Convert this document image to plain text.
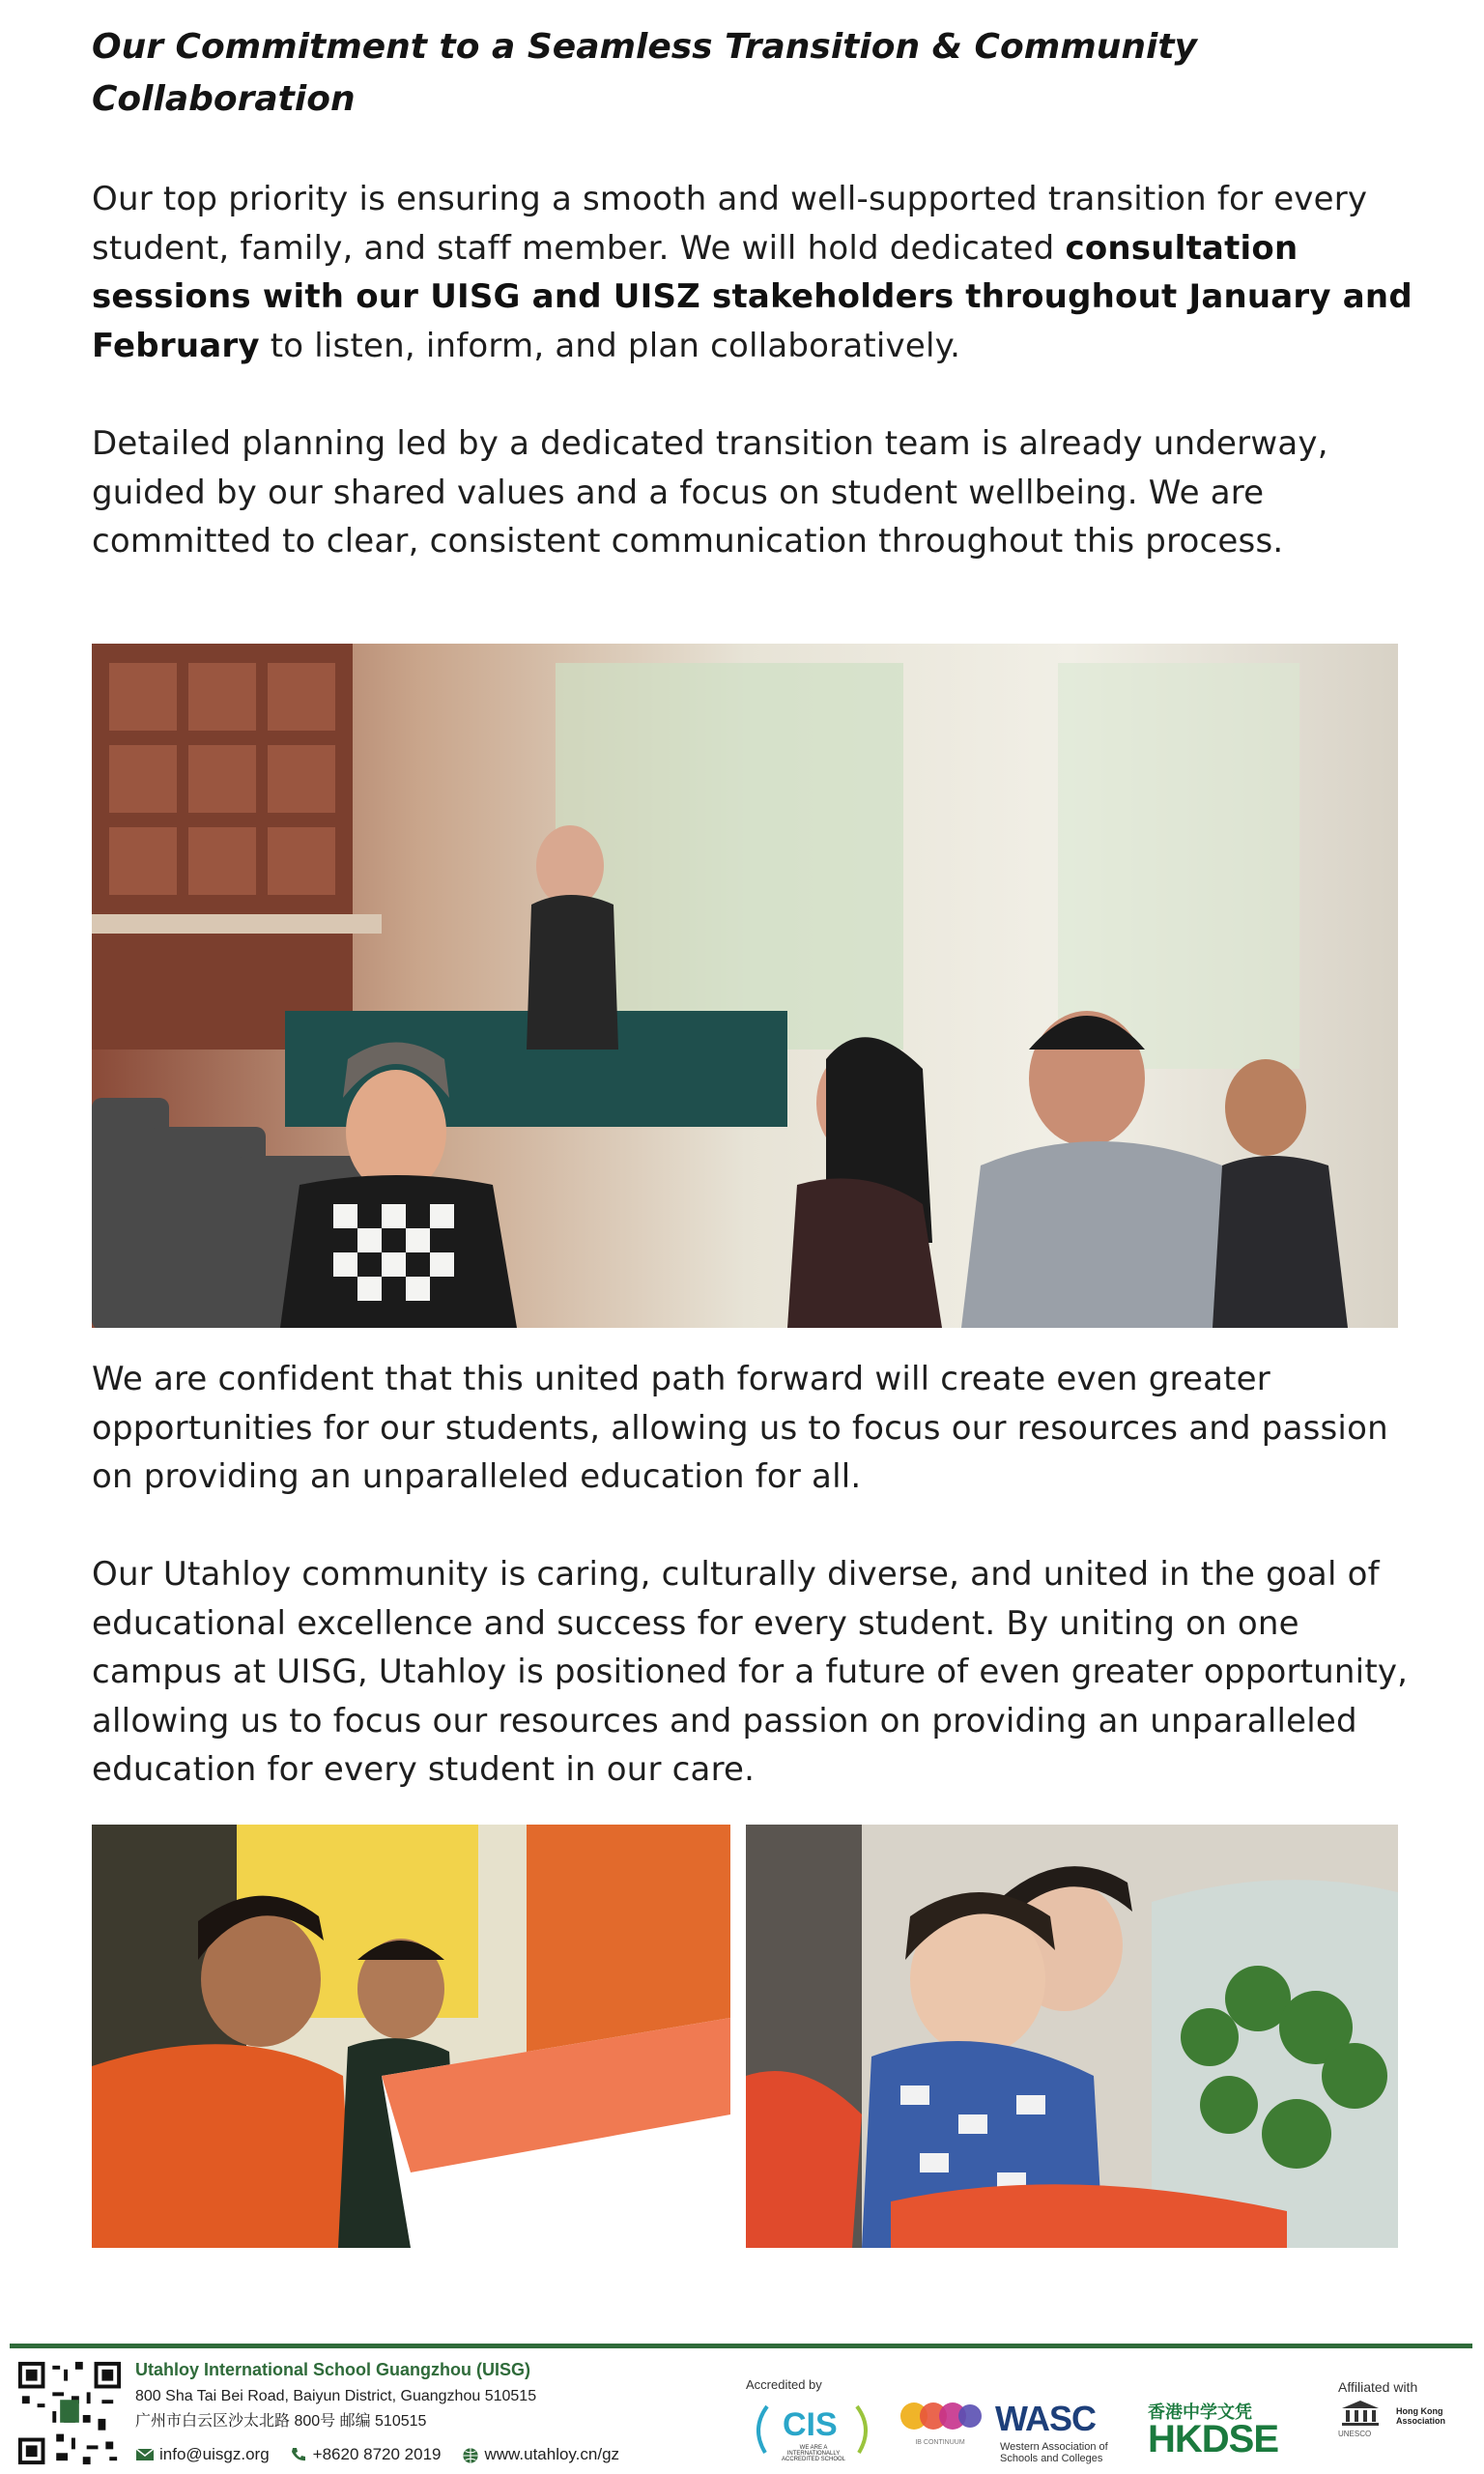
Our Commitment to a Seamless Transition & Community
Collaboration
Our top priority is ensuring a smooth and well-supported transition for every student, family, and staff member. We will hold dedicated consultation sessions with our UISG and UISZ stakeholders throughout January and February to listen, inform, and plan collaboratively.
Detailed planning led by a dedicated transition team is already underway, guided by our shared values and a focus on student wellbeing. We are committed to clear, consistent communication throughout this process.
We are confident that this united path forward will create even greater opportunities for our students, allowing us to focus our resources and passion on providing an unparalleled education for all.
Our Utahloy community is caring, culturally diverse, and united in the goal of educational excellence and success for every student. By uniting on one campus at UISG, Utahloy is positioned for a future of even greater opportunity, allowing us to focus our resources and passion on providing an unparalleled education for every student in our care.
Utahloy International School Guangzhou (UISG)
800 Sha Tai Bei Road, Baiyun District, Guangzhou 510515
广州市白云区沙太北路 800号 邮编 510515
info@uisgz.org	+8620 8720 2019	www.utahloy.cn/gz
Accredited by	Affiliated with
CIS
WE ARE A INTERNATIONALLY ACCREDITED SCHOOL
IB CONTINUUM
WASC
Western Association of Schools and Colleges
香港中学文凭
HKDSE	UNESCO
Hong Kong Association
